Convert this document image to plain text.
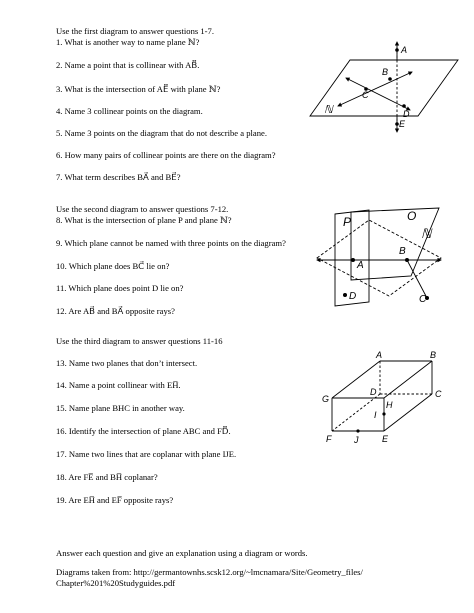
Use the first diagram to answer questions 1-7.
1. What is another way to name plane ℕ?
2. Name a point that is collinear with AB⃖⃗.
3. What is the intersection of AE⃖⃗ with plane ℕ?
4. Name 3 collinear points on the diagram.
5. Name 3 points on the diagram that do not describe a plane.
6. How many pairs of collinear points are there on the diagram?
7. What term describes BA⃗ and BE⃗?
Use the second diagram to answer questions 7-12.
8. What is the intersection of plane P and plane ℕ?
9. Which plane cannot be named with three points on the diagram?
10. Which plane does BC⃗ lie on?
11. Which plane does point D lie on?
12. Are AB⃗ and BA⃗ opposite rays?
Use the third diagram to answer questions 11-16
13. Name two planes that don’t intersect.
14. Name a point collinear with EH̅.
15. Name plane BHC in another way.
16. Identify the intersection of plane ABC and FD⃖⃗.
17. Name two lines that are coplanar with plane IJE.
18. Are FE̅ and BH̅ coplanar?
19. Are EH̅ and EF̅ opposite rays?
Answer each question and give an explanation using a diagram or words.
Diagrams taken from: http://germantownhs.scsk12.org/~lmcnamara/Site/Geometry_files/
Chapter%201%20Studyguides.pdf
A
B
C
D
E
ℕ
P	O
ℕ
A
B
D	C
A	B
G
D	C
H
I
F	J	E
